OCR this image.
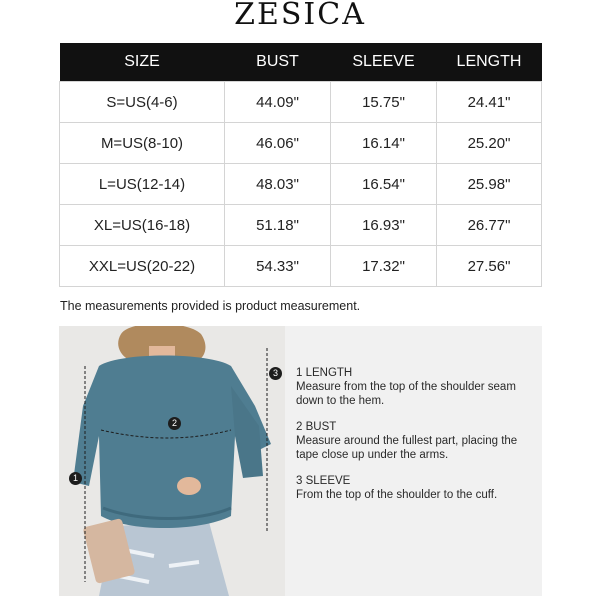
ZESICA
SIZE	BUST	SLEEVE	LENGTH
S=US(4-6)	44.09"	15.75"	24.41"
M=US(8-10)	46.06"	16.14"	25.20"
L=US(12-14)	48.03"	16.54"	25.98"
XL=US(16-18)	51.18"	16.93"	26.77"
XXL=US(20-22)	54.33"	17.32"	27.56"
The measurements provided is product measurement.
1
2
3	1 LENGTH
Measure from the top of the shoulder seam down to the hem.
2 BUST
Measure around the fullest part, placing the tape close up under the arms.
3 SLEEVE
From the top of the shoulder to the cuff.
